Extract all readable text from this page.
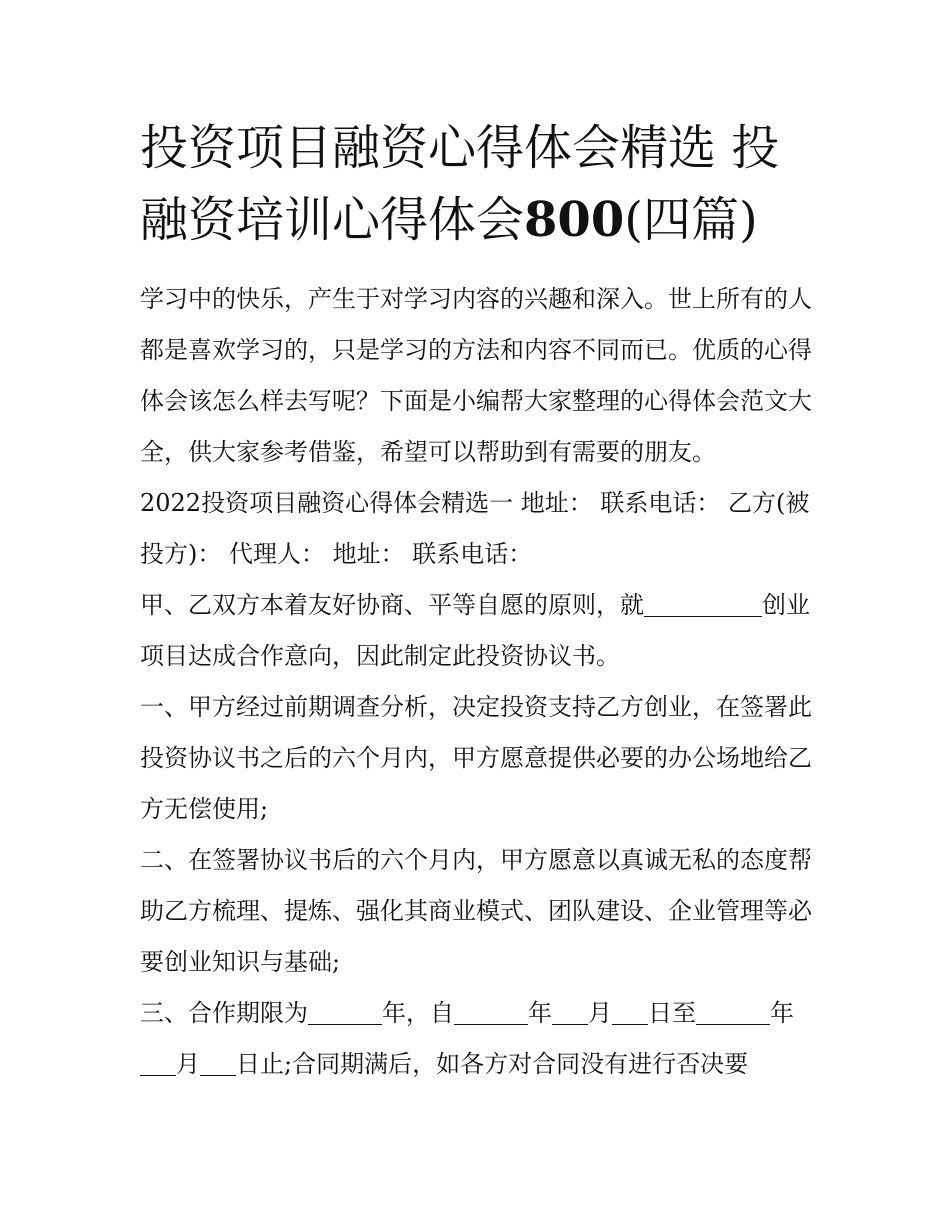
投资项目融资心得体会精选 投融资培训心得体会800(四篇)

学习中的快乐，产生于对学习内容的兴趣和深入。世上所有的人都是喜欢学习的，只是学习的方法和内容不同而已。优质的心得体会该怎么样去写呢？下面是小编帮大家整理的心得体会范文大全，供大家参考借鉴，希望可以帮助到有需要的朋友。

2022投资项目融资心得体会精选一 地址： 联系电话： 乙方(被投方)： 代理人： 地址： 联系电话：

甲、乙双方本着友好协商、平等自愿的原则，就	创业项目达成合作意向，因此制定此投资协议书。

一、甲方经过前期调查分析，决定投资支持乙方创业，在签署此投资协议书之后的六个月内，甲方愿意提供必要的办公场地给乙方无偿使用;

二、在签署协议书后的六个月内，甲方愿意以真诚无私的态度帮助乙方梳理、提炼、强化其商业模式、团队建设、企业管理等必要创业知识与基础;

三、合作期限为	年，自	年 月 日至	年月 日止;合同期满后，如各方对合同没有进行否决要
